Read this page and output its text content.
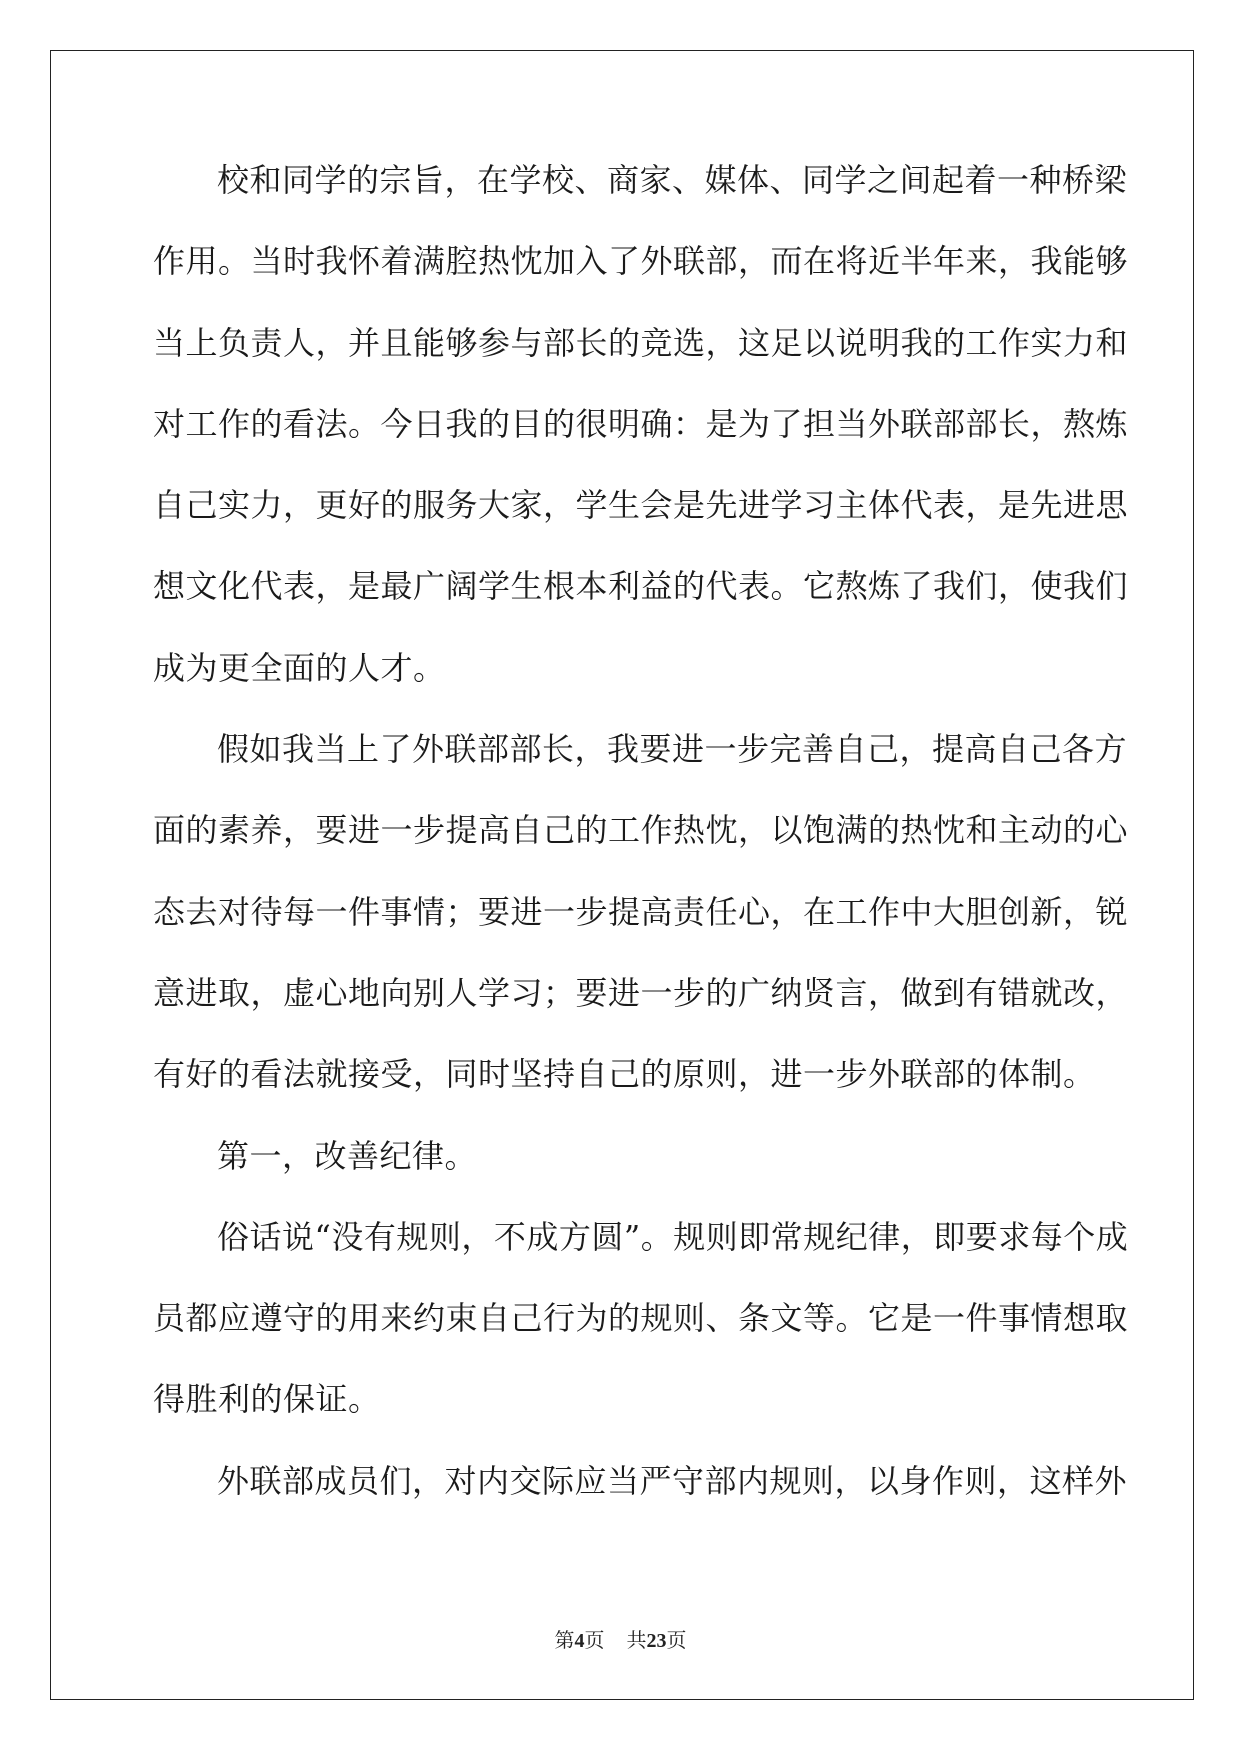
校和同学的宗旨，在学校、商家、媒体、同学之间起着一种桥梁
作用。当时我怀着满腔热忱加入了外联部，而在将近半年来，我能够
当上负责人，并且能够参与部长的竞选，这足以说明我的工作实力和
对工作的看法。今日我的目的很明确：是为了担当外联部部长，熬炼
自己实力，更好的服务大家，学生会是先进学习主体代表，是先进思
想文化代表，是最广阔学生根本利益的代表。它熬炼了我们，使我们
成为更全面的人才。
假如我当上了外联部部长，我要进一步完善自己，提高自己各方
面的素养，要进一步提高自己的工作热忱，以饱满的热忱和主动的心
态去对待每一件事情；要进一步提高责任心，在工作中大胆创新，锐
意进取，虚心地向别人学习；要进一步的广纳贤言，做到有错就改，
有好的看法就接受，同时坚持自己的原则，进一步外联部的体制。
第一，改善纪律。
俗话说“没有规则，不成方圆”。规则即常规纪律，即要求每个成
员都应遵守的用来约束自己行为的规则、条文等。它是一件事情想取
得胜利的保证。
外联部成员们，对内交际应当严守部内规则，以身作则，这样外
第4页 共23页
